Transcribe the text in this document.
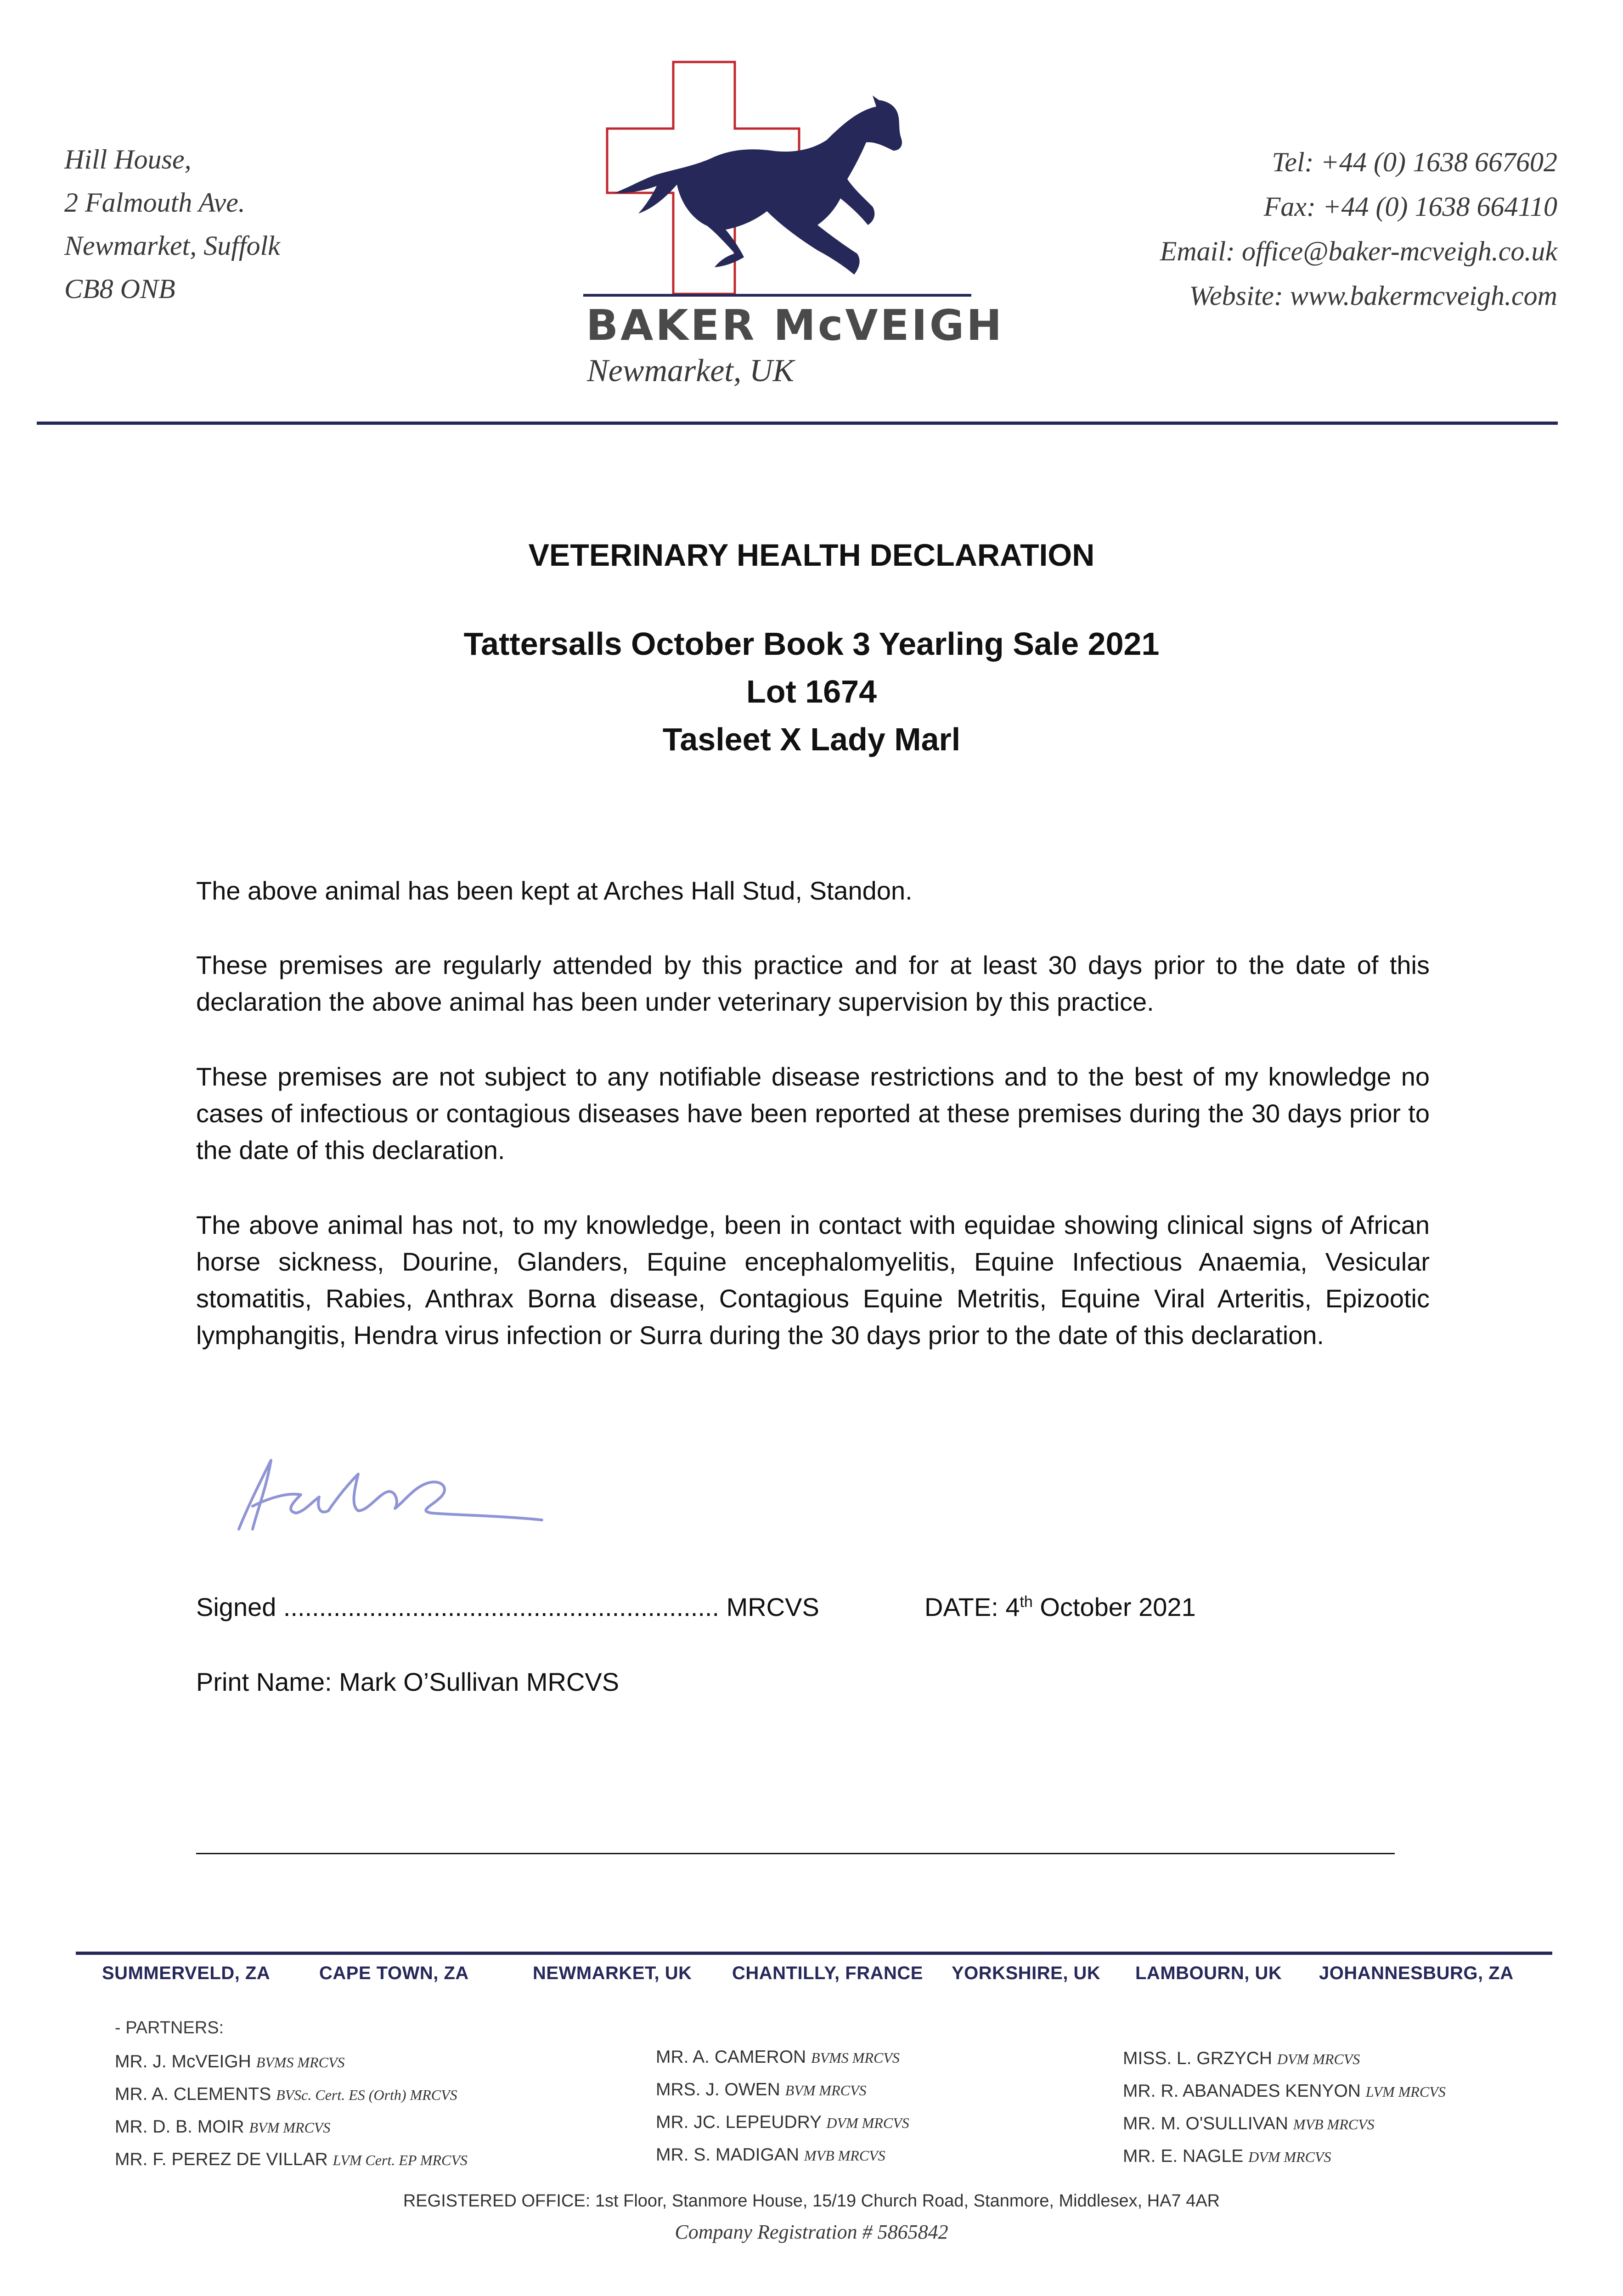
Hill House,
2 Falmouth Ave.
Newmarket, Suffolk
CB8 ONB
BAKER McVEIGH
Newmarket, UK
Tel: +44 (0) 1638 667602
Fax: +44 (0) 1638 664110
Email: office@baker-mcveigh.co.uk
Website: www.bakermcveigh.com
VETERINARY HEALTH DECLARATION
Tattersalls October Book 3 Yearling Sale 2021
Lot 1674
Tasleet X Lady Marl
The above animal has been kept at Arches Hall Stud, Standon.
These premises are regularly attended by this practice and for at least 30 days prior to the date of this declaration the above animal has been under veterinary supervision by this practice.
These premises are not subject to any notifiable disease restrictions and to the best of my knowledge no cases of infectious or contagious diseases have been reported at these premises during the 30 days prior to the date of this declaration.
The above animal has not, to my knowledge, been in contact with equidae showing clinical signs of African horse sickness, Dourine, Glanders, Equine encephalomyelitis, Equine Infectious Anaemia, Vesicular stomatitis, Rabies, Anthrax Borna disease, Contagious Equine Metritis, Equine Viral Arteritis, Epizootic lymphangitis, Hendra virus infection or Surra during the 30 days prior to the date of this declaration.
Signed ............................................................. MRCVS	DATE: 4th October 2021
Print Name: Mark O’Sullivan MRCVS
SUMMERVELD, ZA	CAPE TOWN, ZA	NEWMARKET, UK CHANTILLY, FRANCE YORKSHIRE, UK LAMBOURN, UK JOHANNESBURG, ZA
- PARTNERS:
MR. J. McVEIGH BVMS MRCVS
MR. A. CLEMENTS BVSc. Cert. ES (Orth) MRCVS
MR. D. B. MOIR BVM MRCVS
MR. F. PEREZ DE VILLAR LVM Cert. EP MRCVS
MR. A. CAMERON BVMS MRCVS
MRS. J. OWEN BVM MRCVS
MR. JC. LEPEUDRY DVM MRCVS
MR. S. MADIGAN MVB MRCVS
MISS. L. GRZYCH DVM MRCVS
MR. R. ABANADES KENYON LVM MRCVS
MR. M. O'SULLIVAN MVB MRCVS
MR. E. NAGLE DVM MRCVS
REGISTERED OFFICE: 1st Floor, Stanmore House, 15/19 Church Road, Stanmore, Middlesex, HA7 4AR
Company Registration # 5865842
